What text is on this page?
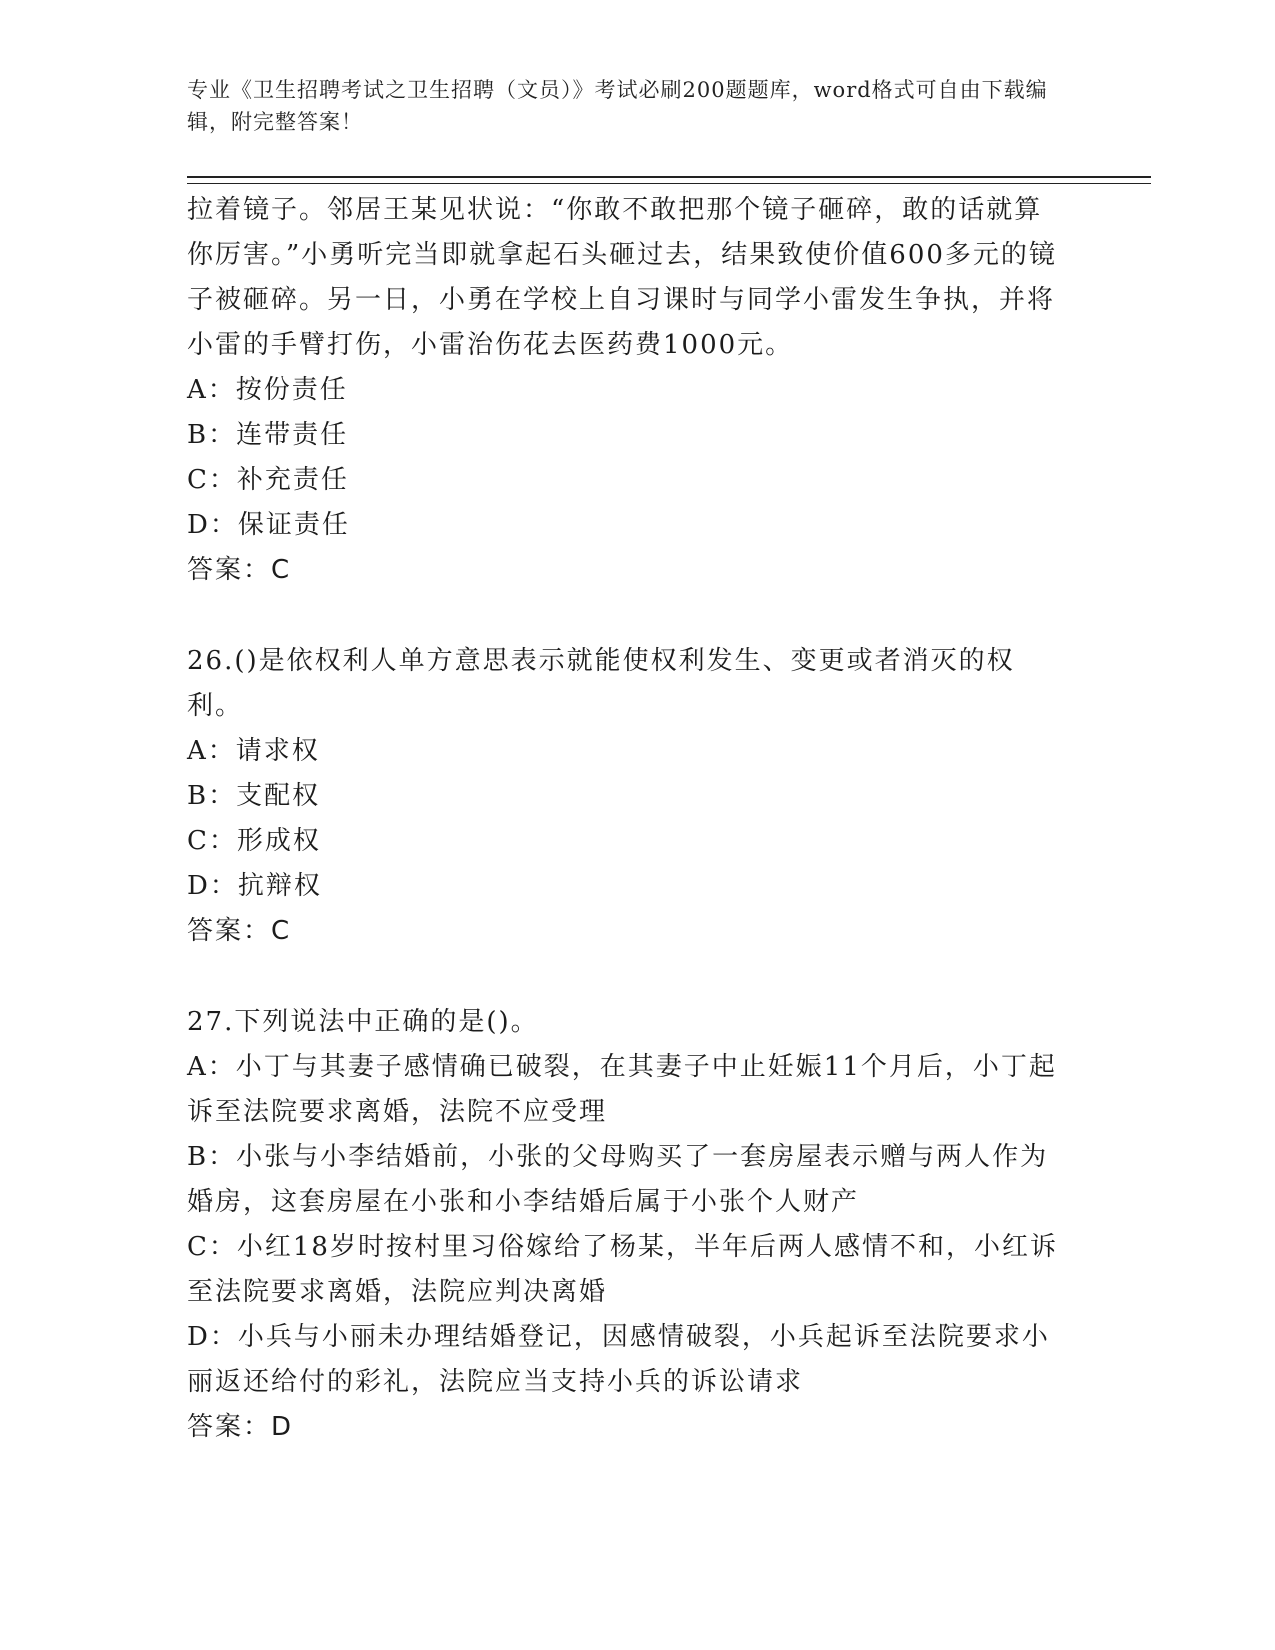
专业《卫生招聘考试之卫生招聘（文员）》考试必刷200题题库，word格式可自由下载编辑，附完整答案！

拉着镜子。邻居王某见状说：“你敢不敢把那个镜子砸碎，敢的话就算你厉害。”小勇听完当即就拿起石头砸过去，结果致使价值600多元的镜子被砸碎。另一日，小勇在学校上自习课时与同学小雷发生争执，并将小雷的手臂打伤，小雷治伤花去医药费1000元。

A：按份责任

B：连带责任

C：补充责任

D：保证责任

答案：C

26.()是依权利人单方意思表示就能使权利发生、变更或者消灭的权利。

A：请求权

B：支配权

C：形成权

D：抗辩权

答案：C

27.下列说法中正确的是()。

A：小丁与其妻子感情确已破裂，在其妻子中止妊娠11个月后，小丁起诉至法院要求离婚，法院不应受理

B：小张与小李结婚前，小张的父母购买了一套房屋表示赠与两人作为婚房，这套房屋在小张和小李结婚后属于小张个人财产

C：小红18岁时按村里习俗嫁给了杨某，半年后两人感情不和，小红诉至法院要求离婚，法院应判决离婚

D：小兵与小丽未办理结婚登记，因感情破裂，小兵起诉至法院要求小丽返还给付的彩礼，法院应当支持小兵的诉讼请求

答案：D
